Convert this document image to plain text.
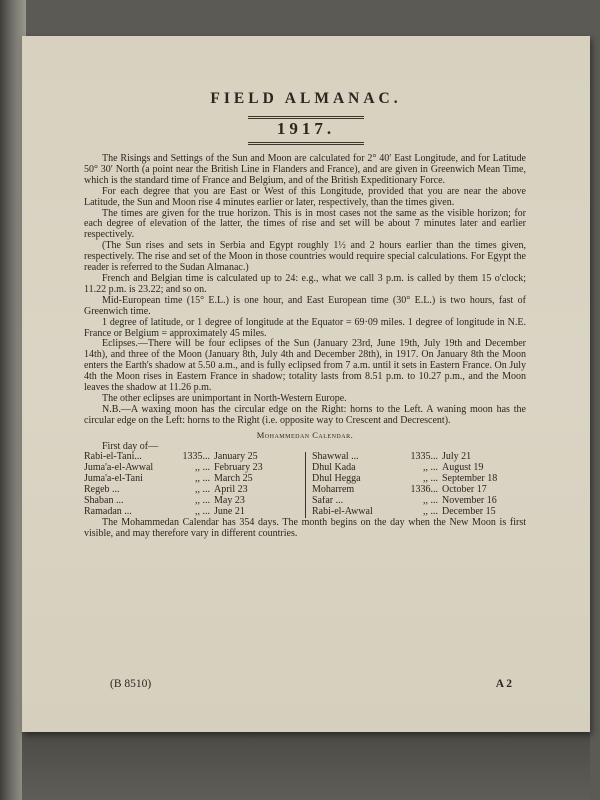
FIELD ALMANAC.
1917.

The Risings and Settings of the Sun and Moon are calculated for 2° 40′ East Longitude, and for Latitude 50° 30′ North (a point near the British Line in Flanders and France), and are given in Greenwich Mean Time, which is the standard time of France and Belgium, and of the British Expeditionary Force.

For each degree that you are East or West of this Longitude, provided that you are near the above Latitude, the Sun and Moon rise 4 minutes earlier or later, respectively, than the times given.

The times are given for the true horizon. This is in most cases not the same as the visible horizon; for each degree of elevation of the latter, the times of rise and set will be about 7 minutes later and earlier respectively.

(The Sun rises and sets in Serbia and Egypt roughly 1½ and 2 hours earlier than the times given, respectively. The rise and set of the Moon in those countries would require special calculations. For Egypt the reader is referred to the Sudan Almanac.)

French and Belgian time is calculated up to 24: e.g., what we call 3 p.m. is called by them 15 o'clock; 11.22 p.m. is 23.22; and so on.

Mid-European time (15° E.L.) is one hour, and East European time (30° E.L.) is two hours, fast of Greenwich time.

1 degree of latitude, or 1 degree of longitude at the Equator = 69·09 miles. 1 degree of longitude in N.E. France or Belgium = approximately 45 miles.

Eclipses.—There will be four eclipses of the Sun (January 23rd, June 19th, July 19th and December 14th), and three of the Moon (January 8th, July 4th and December 28th), in 1917. On January 8th the Moon enters the Earth's shadow at 5.50 a.m., and is fully eclipsed from 7 a.m. until it sets in Eastern France. On July 4th the Moon rises in Eastern France in shadow; totality lasts from 8.51 p.m. to 10.27 p.m., and the Moon leaves the shadow at 11.26 p.m.

The other eclipses are unimportant in North-Western Europe.

N.B.—A waxing moon has the circular edge on the Right: horns to the Left. A waning moon has the circular edge on the Left: horns to the Right (i.e. opposite way to Crescent and Decrescent).

Mohammedan Calendar.

First day of—

Rabi-el-Tani...	1335... January 25
Juma'a-el-Awwal	,, ... February 23
Juma'a-el-Tani	,, ... March 25
Regeb ...	,, ... April 23
Shaban ...	,, ... May 23
Ramadan ...	,, ... June 21
Shawwal ...	1335... July 21
Dhul Kada	,, ... August 19
Dhul Hegga	,, ... September 18
Moharrem	1336... October 17
Safar ...	,, ... November 16
Rabi-el-Awwal	,, ... December 15

The Mohammedan Calendar has 354 days. The month begins on the day when the New Moon is first visible, and may therefore vary in different countries.

(B 8510)	A 2
